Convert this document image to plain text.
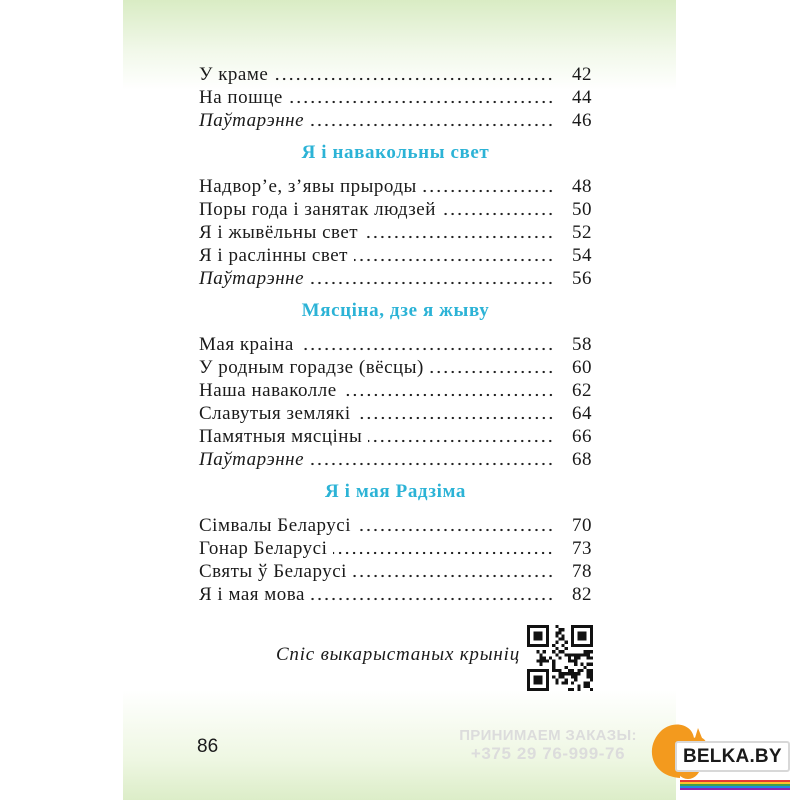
У краме	42
На пошце	44
Паўтарэнне	46
Я і навакольны свет
Надвор’е, з’явы прыроды	48
Поры года і занятак людзей	50
Я і жывёльны свет	52
Я і раслінны свет	54
Паўтарэнне	56
Мясціна, дзе я жыву
Мая краіна	58
У родным горадзе (вёсцы)	60
Наша наваколле	62
Славутыя землякі	64
Памятныя мясціны	66
Паўтарэнне	68
Я і мая Радзіма
Сімвалы Беларусі	70
Гонар Беларусі	73
Святы ў Беларусі	78
Я і мая мова	82
Спіс выкарыстаных крыніц
86
ПРИНИМАЕМ ЗАКАЗЫ:
+375 29 76-999-76	BELKA.BY
